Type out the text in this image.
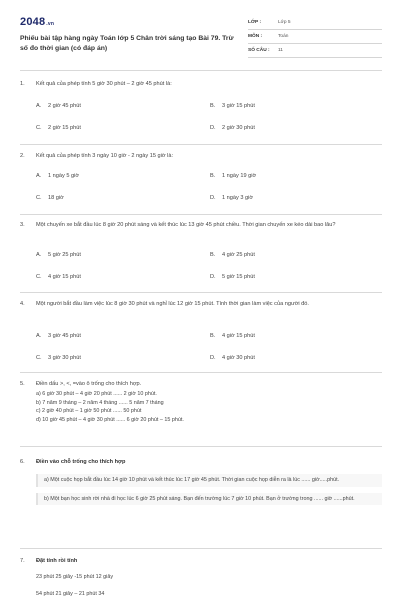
2048.vn
Phiếu bài tập hàng ngày Toán lớp 5 Chân trời sáng tạo Bài 79. Trừ số đo thời gian (có đáp án)
LỚP :	Lớp 5
MÔN :	Toán
SỐ CÂU :	11
1.	Kết quả của phép tính 5 giờ 30 phút – 2 giờ 45 phút là:
A.	2 giờ 45 phút	B.	3 giờ 15 phút
C.	2 giờ 15 phút	D.	2 giờ 30 phút
2.	Kết quả của phép tính 3 ngày 10 giờ - 2 ngày 15 giờ là:
A.	1 ngày 5 giờ	B.	1 ngày 19 giờ
C.	18 giờ	D.	1 ngày 3 giờ
3.	Một chuyến xe bắt đầu lúc 8 giờ 20 phút sáng và kết thúc lúc 13 giờ 45 phút chiều. Thời gian chuyến xe kéo dài bao lâu?
A.	5 giờ 25 phút	B.	4 giờ 25 phút
C.	4 giờ 15 phút	D.	5 giờ 15 phút
4.	Một người bắt đầu làm việc lúc 8 giờ 30 phút và nghỉ lúc 12 giờ 15 phút. Tính thời gian làm việc của người đó.
A.	3 giờ 45 phút	B.	4 giờ 15 phút
C.	3 giờ 30 phút	D.	4 giờ 30 phút
5.	Điền dấu >, <, =vào ô trống cho thích hợp.
a) 6 giờ 30 phút – 4 giờ 20 phút ...... 2 giờ 10 phút.
b) 7 năm 9 tháng – 2 năm 4 tháng ...... 5 năm 7 tháng
c) 2 giờ 40 phút – 1 giờ 50 phút ...... 50 phút
d) 10 giờ 45 phút – 4 giờ 30 phút ...... 6 giờ 20 phút – 15 phút.
6.	Điền vào chỗ trống cho thích hợp
a) Một cuộc họp bắt đầu lúc 14 giờ 10 phút và kết thúc lúc 17 giờ 45 phút. Thời gian cuộc họp diễn ra là lúc ...... giờ.....phút.
b) Một bạn học sinh rời nhà đi học lúc 6 giờ 25 phút sáng. Bạn đến trường lúc 7 giờ 10 phút. Bạn ở trường trong ...... giờ ......phút.
7.	Đặt tính rồi tính
23 phút 25 giây -15 phút 12 giây
54 phút 21 giây – 21 phút 34
